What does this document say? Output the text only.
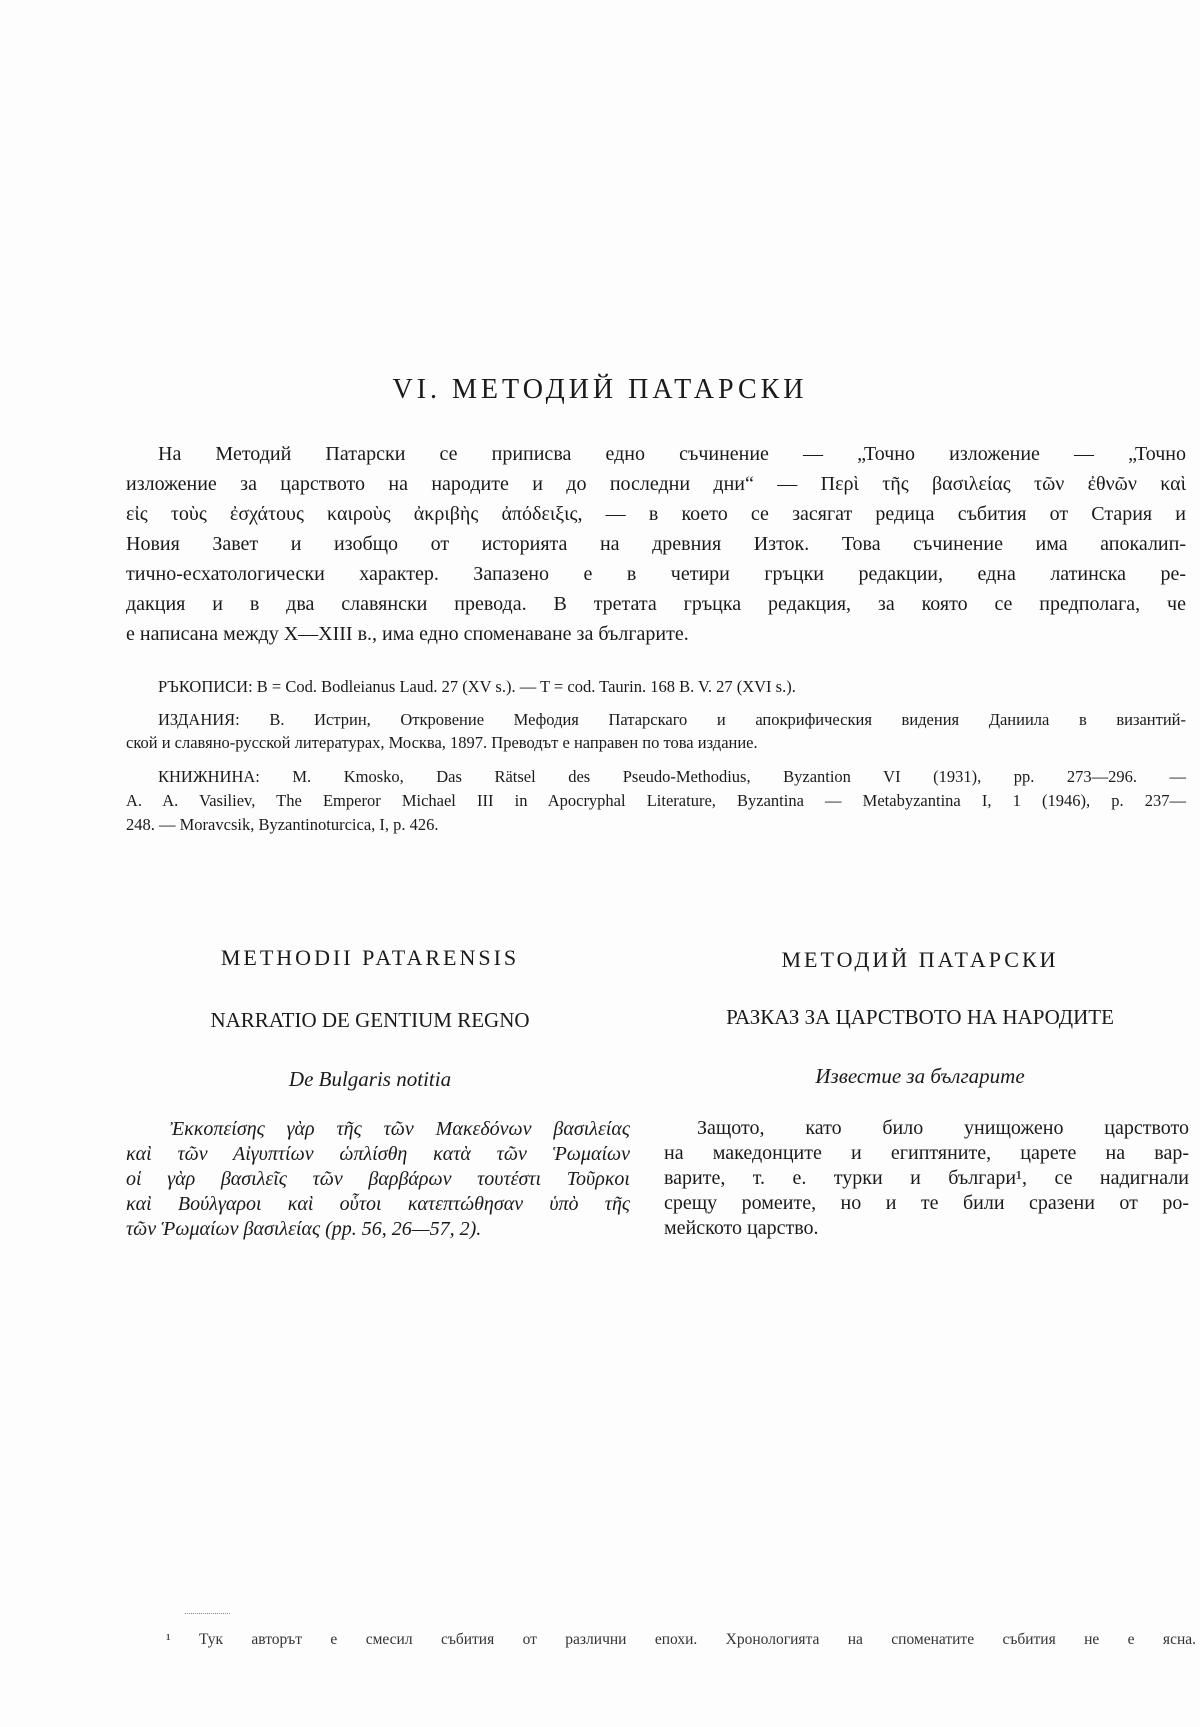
VI. МЕТОДИЙ ПАТАРСКИ
На Методий Патарски се приписва едно съчинение — „Точно изложение — „Точно
изложение за царството на народите и до последни дни“ — Περὶ τῆς βασιλείας τῶν ἐθνῶν καὶ
εἰς τοὺς ἐσχάτους καιροὺς ἀκριβὴς ἀπόδειξις, — в което се засягат редица събития от Стария и
Новия Завет и изобщо от историята на древния Изток. Това съчинение има апокалип-
тично-есхатологически характер. Запазено е в четири гръцки редакции, една латинска ре-
дакция и в два славянски превода. В третата гръцка редакция, за която се предполага, че
е написана между X—XIII в., има едно споменаване за българите.
РЪКОПИСИ: B = Cod. Bodleianus Laud. 27 (XV s.). — T = cod. Taurin. 168 B. V. 27 (XVI s.).
ИЗДАНИЯ: В. Истрин, Откровение Мефодия Патарскаго и апокрифическия видения Даниила в византий-
ской и славяно-русской литературах, Москва, 1897. Преводът е направен по това издание.
КНИЖНИНА: M. Kmosko, Das Rätsel des Pseudo-Methodius, Byzantion VI (1931), pp. 273—296. —
A. A. Vasiliev, The Emperor Michael III in Apocryphal Literature, Byzantina — Metabyzantina I, 1 (1946), p. 237—
248. — Moravcsik, Byzantinoturcica, I, p. 426.
METHODII PATARENSIS
NARRATIO DE GENTIUM REGNO
De Bulgaris notitia
Ἐκκοπείσης γὰρ τῆς τῶν Μακεδόνων βασιλείας
καὶ τῶν Αἰγυπτίων ὡπλίσθη κατὰ τῶν Ῥωμαίων
οἱ γὰρ βασιλεῖς τῶν βαρβάρων τουτέστι Τοῦρκοι
καὶ Βούλγαροι καὶ οὗτοι κατεπτώθησαν ὑπὸ τῆς
τῶν Ῥωμαίων βασιλείας (pp. 56, 26—57, 2).
МЕТОДИЙ ПАТАРСКИ
РАЗКАЗ ЗА ЦАРСТВОТО НА НАРОДИТЕ
Известие за българите
Защото, като било унищожено царството
на македонците и египтяните, царете на вар-
варите, т. е. турки и българи¹, се надигнали
срещу ромеите, но и те били сразени от ро-
мейското царство.
¹ Тук авторът е смесил събития от различни епохи. Хронологията на споменатите събития не е ясна.
